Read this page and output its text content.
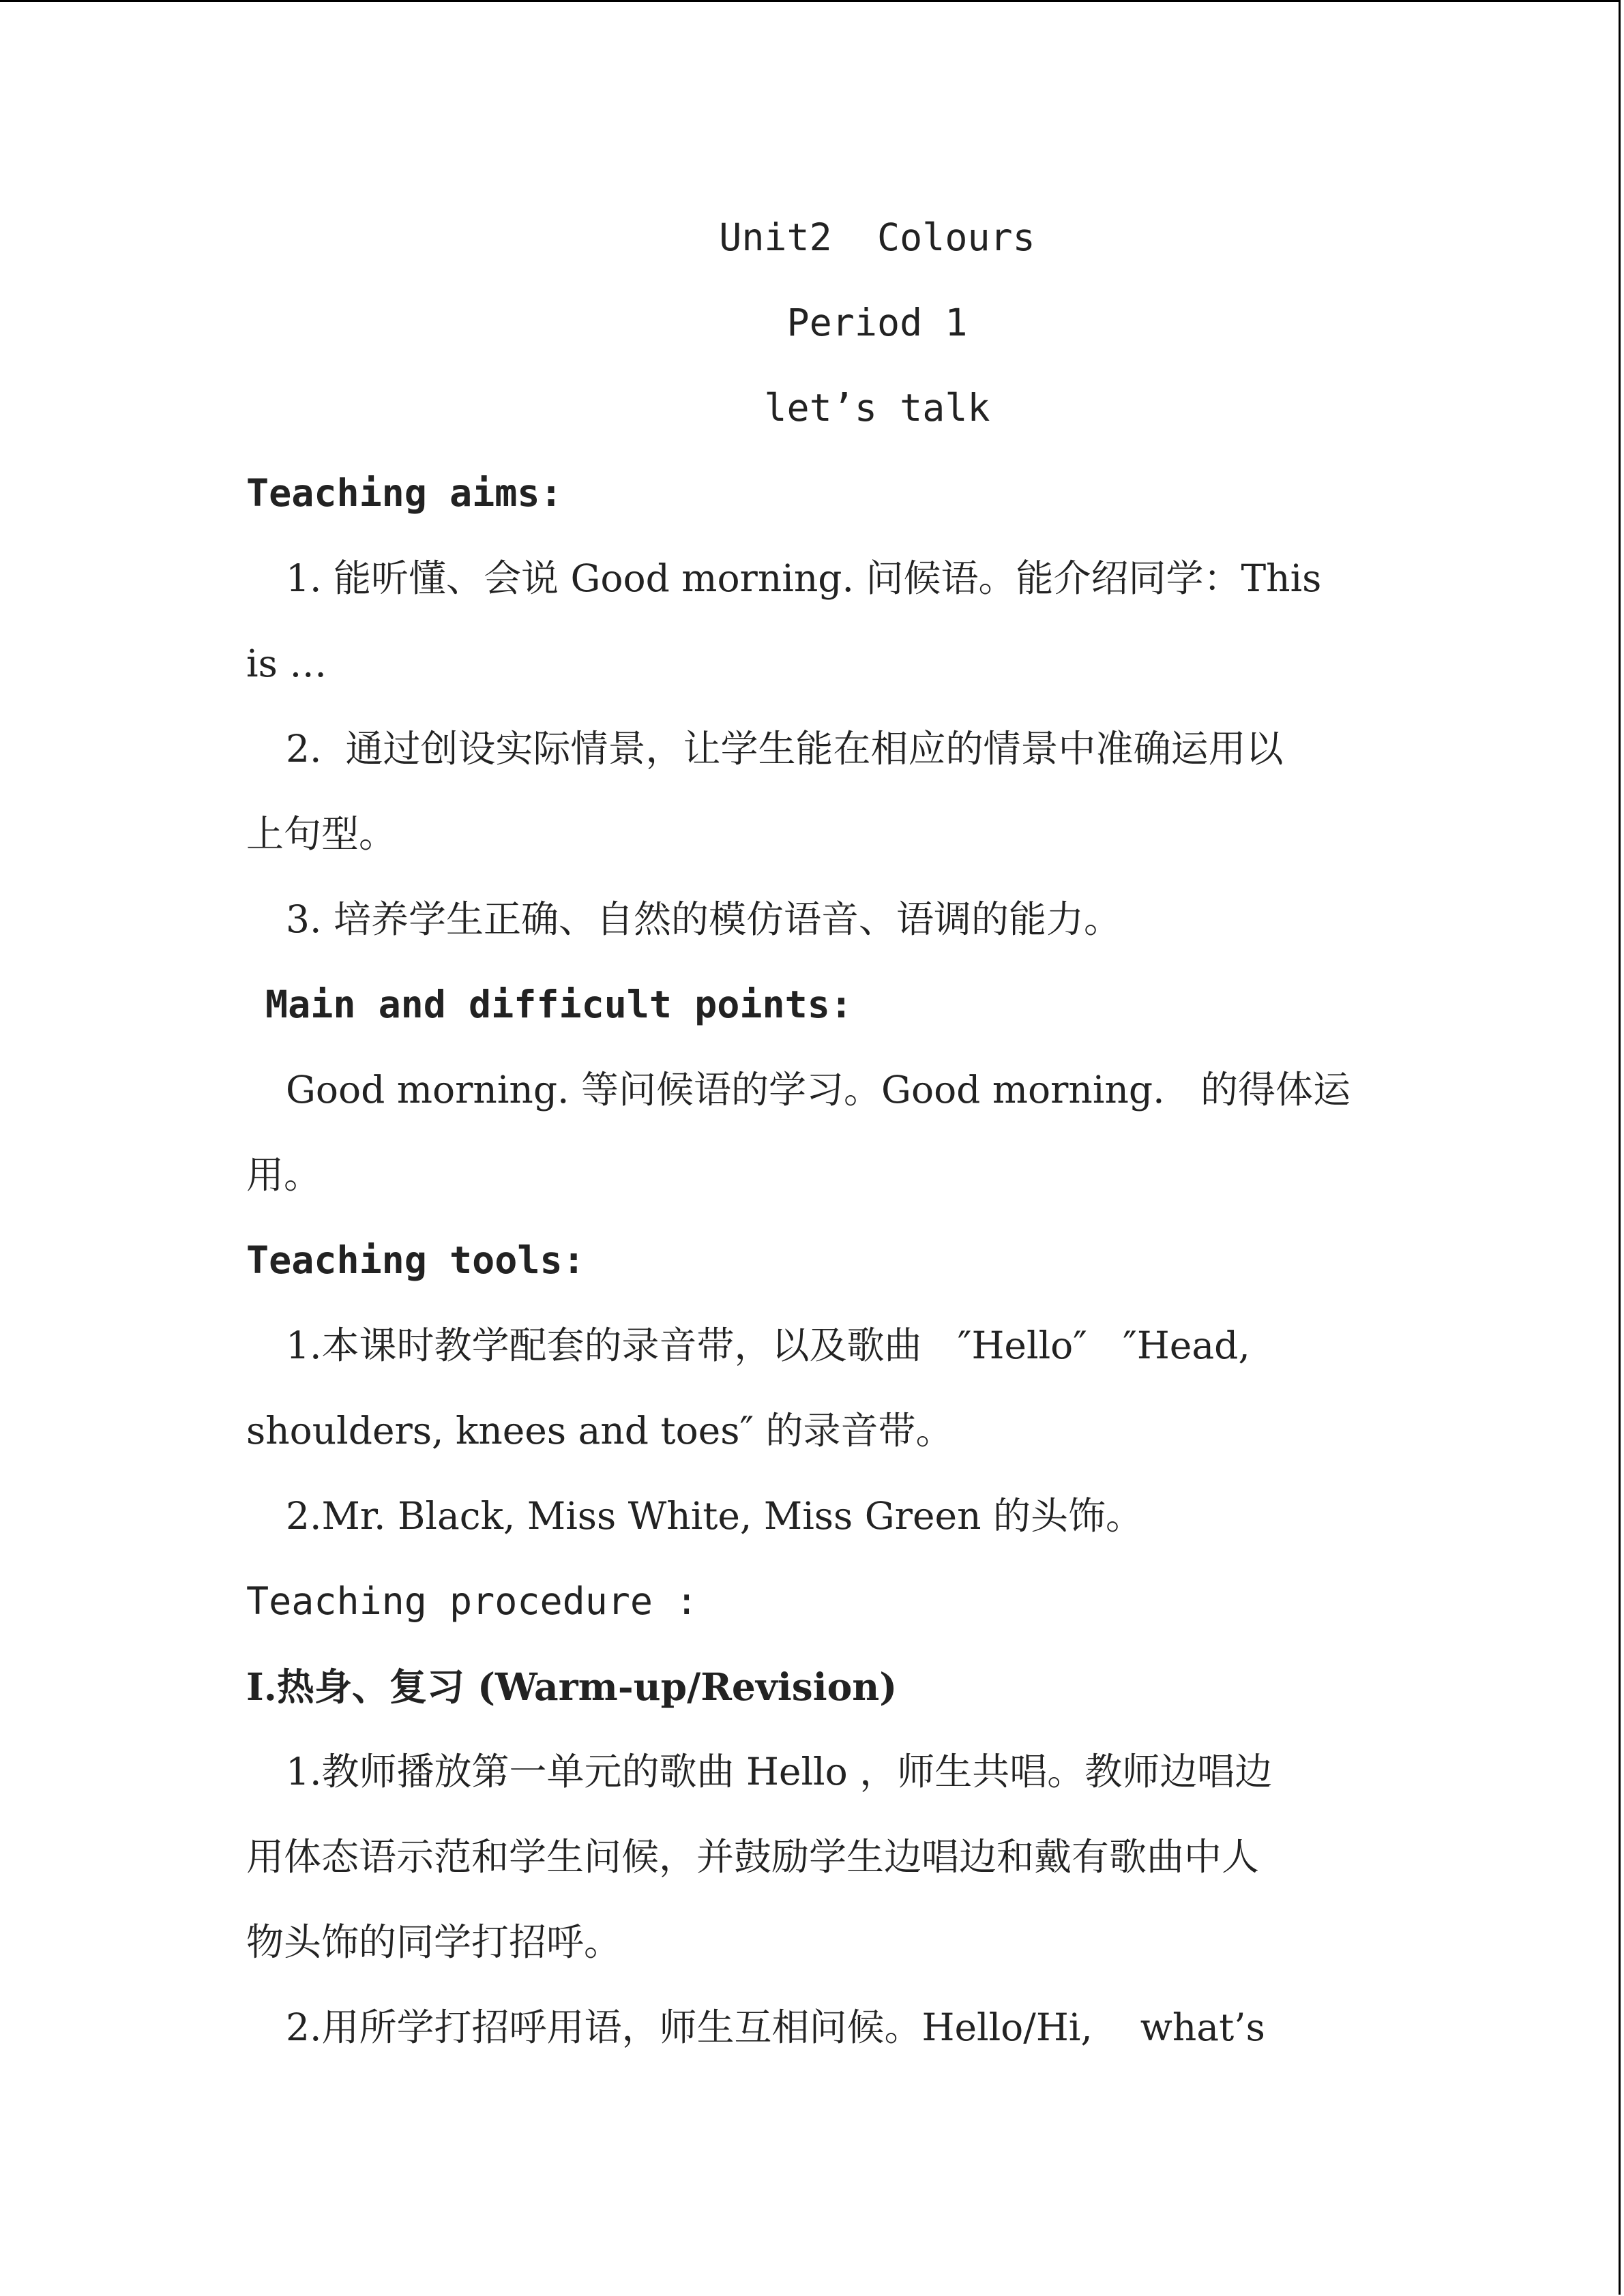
Unit2  Colours
Period 1
let’s talk
Teaching aims:
1. 能听懂、会说 Good morning. 问候语。能介绍同学：This
is …
2.  通过创设实际情景，让学生能在相应的情景中准确运用以
上句型。
3. 培养学生正确、自然的模仿语音、语调的能力。
Main and difficult points:
Good morning. 等问候语的学习。Good morning.   的得体运
用。
Teaching tools:
1.本课时教学配套的录音带，以及歌曲   ″Hello″   ″Head,
shoulders, knees and toes″ 的录音带。
2.Mr. Black, Miss White, Miss Green 的头饰。
Teaching procedure :
Ⅰ.热身、复习 (Warm-up/Revision)
1.教师播放第一单元的歌曲 Hello ，师生共唱。教师边唱边
用体态语示范和学生问候，并鼓励学生边唱边和戴有歌曲中人
物头饰的同学打招呼。
2.用所学打招呼用语，师生互相问候。Hello/Hi,    what’s
